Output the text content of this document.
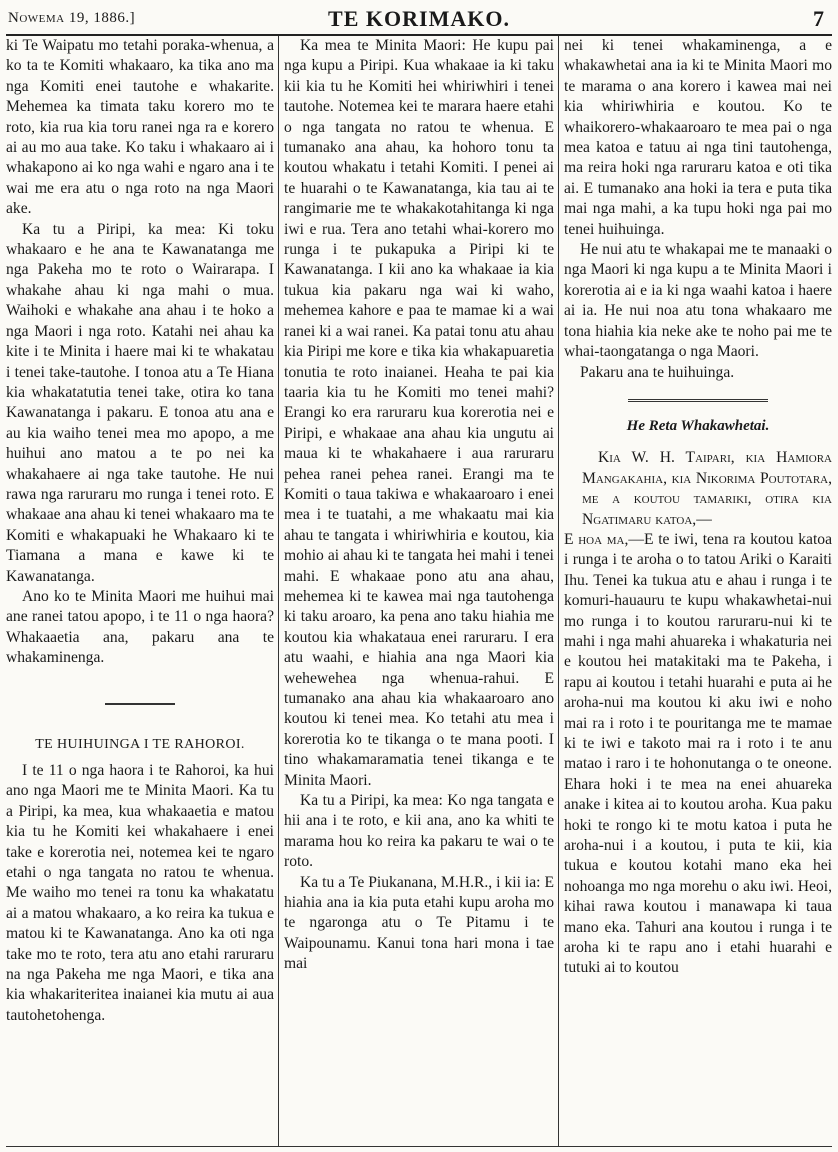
Nowema 19, 1886.]	TE KORIMAKO.	7

ki Te Waipatu mo tetahi poraka-whenua, a ko ta te Komiti whakaaro, ka tika ano ma nga Komiti enei tautohe e whakarite. Mehemea ka timata taku korero mo te roto, kia rua kia toru ranei nga ra e korero ai au mo aua take. Ko taku i whakaaro ai i whakapono ai ko nga wahi e ngaro ana i te wai me era atu o nga roto na nga Maori ake.

Ka tu a Piripi, ka mea: Ki toku whakaaro e he ana te Kawanatanga me nga Pakeha mo te roto o Wairarapa. I whakahe ahau ki nga mahi o mua. Waihoki e whakahe ana ahau i te hoko a nga Maori i nga roto. Katahi nei ahau ka kite i te Minita i haere mai ki te whakatau i tenei take-tautohe. I tonoa atu a Te Hiana kia whakatatutia tenei take, otira ko tana Kawanatanga i pakaru. E tonoa atu ana e au kia waiho tenei mea mo apopo, a me huihui ano matou a te po nei ka whakahaere ai nga take tautohe. He nui rawa nga raruraru mo runga i tenei roto. E whakaae ana ahau ki tenei whakaaro ma te Komiti e whakapuaki he Whakaaro ki te Tiamana a mana e kawe ki te Kawanatanga.

Ano ko te Minita Maori me huihui mai ane ranei tatou apopo, i te 11 o nga haora? Whakaaetia ana, pakaru ana te whakaminenga.

TE HUIHUINGA I TE RAHOROI.

I te 11 o nga haora i te Rahoroi, ka hui ano nga Maori me te Minita Maori. Ka tu a Piripi, ka mea, kua whakaaetia e matou kia tu he Komiti kei whakahaere i enei take e korerotia nei, notemea kei te ngaro etahi o nga tangata no ratou te whenua. Me waiho mo tenei ra tonu ka whakatatu ai a matou whakaaro, a ko reira ka tukua e matou ki te Kawanatanga. Ano ka oti nga take mo te roto, tera atu ano etahi raruraru na nga Pakeha me nga Maori, e tika ana kia whakariteritea inaianei kia mutu ai aua tautohetohenga.

Ka mea te Minita Maori: He kupu pai nga kupu a Piripi. Kua whakaae ia ki taku kii kia tu he Komiti hei whiriwhiri i tenei tautohe. Notemea kei te marara haere etahi o nga tangata no ratou te whenua. E tumanako ana ahau, ka hohoro tonu ta koutou whakatu i tetahi Komiti. I penei ai te huarahi o te Kawanatanga, kia tau ai te rangimarie me te whakakotahitanga ki nga iwi e rua. Tera ano tetahi whai-korero mo runga i te pukapuka a Piripi ki te Kawanatanga. I kii ano ka whakaae ia kia tukua kia pakaru nga wai ki waho, mehemea kahore e paa te mamae ki a wai ranei ki a wai ranei. Ka patai tonu atu ahau kia Piripi me kore e tika kia whakapuaretia tonutia te roto inaianei. Heaha te pai kia taaria kia tu he Komiti mo tenei mahi? Erangi ko era raruraru kua korerotia nei e Piripi, e whakaae ana ahau kia ungutu ai maua ki te whakahaere i aua raruraru pehea ranei pehea ranei. Erangi ma te Komiti o taua takiwa e whakaaroaro i enei mea i te tuatahi, a me whakaatu mai kia ahau te tangata i whiriwhiria e koutou, kia mohio ai ahau ki te tangata hei mahi i tenei mahi. E whakaae pono atu ana ahau, mehemea ki te kawea mai nga tautohenga ki taku aroaro, ka pena ano taku hiahia me koutou kia whakataua enei raruraru. I era atu waahi, e hiahia ana nga Maori kia wehewehea nga whenua-rahui. E tumanako ana ahau kia whakaaroaro ano koutou ki tenei mea. Ko tetahi atu mea i korerotia ko te tikanga o te mana pooti. I tino whakamaramatia tenei tikanga e te Minita Maori.

Ka tu a Piripi, ka mea: Ko nga tangata e hii ana i te roto, e kii ana, ano ka whiti te marama hou ko reira ka pakaru te wai o te roto.

Ka tu a Te Piukanana, M.H.R., i kii ia: E hiahia ana ia kia puta etahi kupu aroha mo te ngaronga atu o Te Pitamu i te Waipounamu. Kanui tona hari mona i tae mai

nei ki tenei whakaminenga, a e whakawhetai ana ia ki te Minita Maori mo te marama o ana korero i kawea mai nei kia whiriwhiria e koutou. Ko te whaikorero-whakaaroaro te mea pai o nga mea katoa e tatuu ai nga tini tautohenga, ma reira hoki nga raruraru katoa e oti tika ai. E tumanako ana hoki ia tera e puta tika mai nga mahi, a ka tupu hoki nga pai mo tenei huihuinga.

He nui atu te whakapai me te manaaki o nga Maori ki nga kupu a te Minita Maori i korerotia ai e ia ki nga waahi katoa i haere ai ia. He nui noa atu tona whakaaro me tona hiahia kia neke ake te noho pai me te whai-taongatanga o nga Maori.

Pakaru ana te huihuinga.

He Reta Whakawhetai.

Kia W. H. Taipari, kia Hamiora Mangakahia, kia Nikorima Poutotara, me a koutou tamariki, otira kia Ngatimaru katoa,—

E hoa ma,—E te iwi, tena ra koutou katoa i runga i te aroha o to tatou Ariki o Karaiti Ihu. Tenei ka tukua atu e ahau i runga i te komuri-hauauru te kupu whakawhetai-nui mo runga i to koutou raruraru-nui ki te mahi i nga mahi ahuareka i whakaturia nei e koutou hei matakitaki ma te Pakeha, i rapu ai koutou i tetahi huarahi e puta ai he aroha-nui ma koutou ki aku iwi e noho mai ra i roto i te pouritanga me te mamae ki te iwi e takoto mai ra i roto i te anu matao i raro i te hohonutanga o te oneone. Ehara hoki i te mea na enei ahuareka anake i kitea ai to koutou aroha. Kua paku hoki te rongo ki te motu katoa i puta he aroha-nui i a koutou, i puta te kii, kia tukua e koutou kotahi mano eka hei nohoanga mo nga morehu o aku iwi. Heoi, kihai rawa koutou i manawapa ki taua mano eka. Tahuri ana koutou i runga i te aroha ki te rapu ano i etahi huarahi e tutuki ai to koutou
